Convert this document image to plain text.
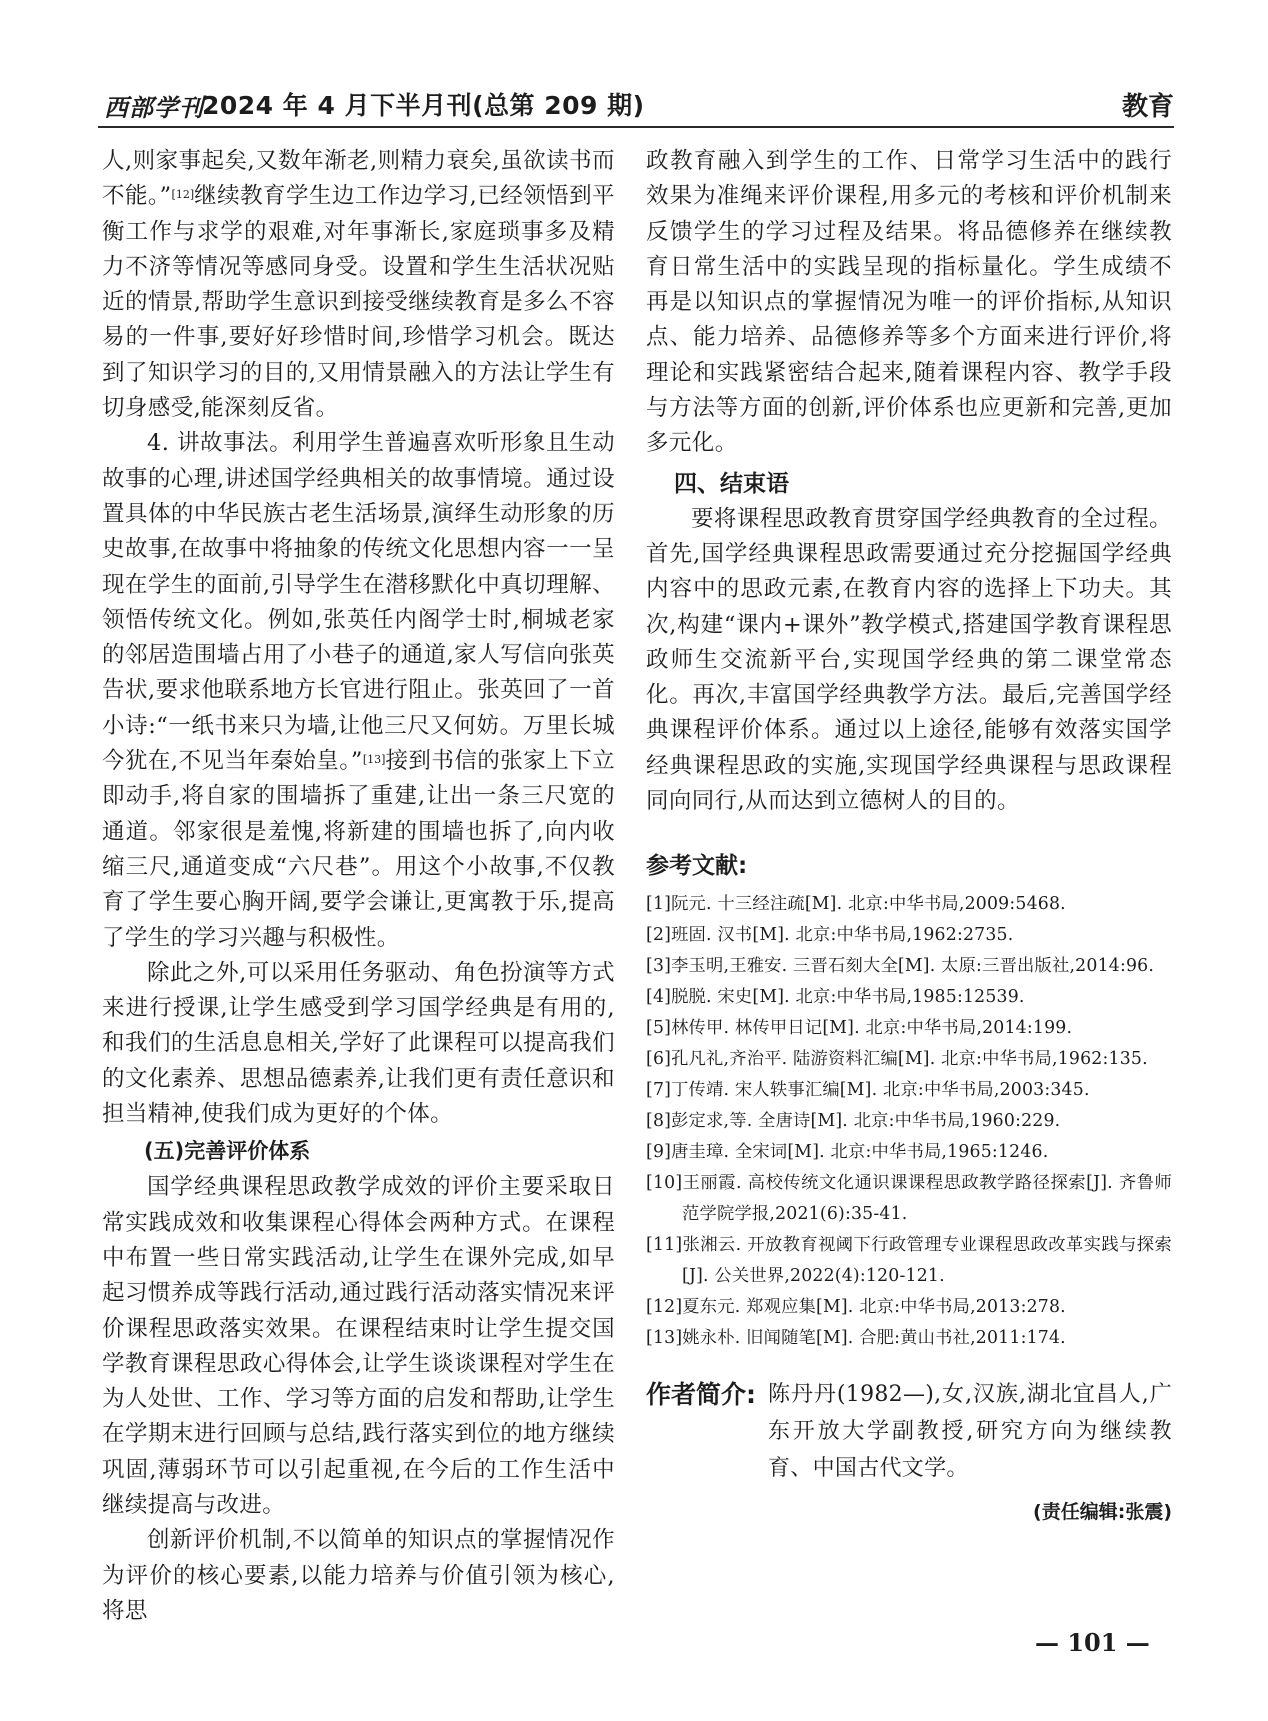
西部学刊
2024 年 4 月下半月刊(总第 209 期)	教育

人,则家事起矣,又数年渐老,则精力衰矣,虽欲读书而不能。”[12]继续教育学生边工作边学习,已经领悟到平衡工作与求学的艰难,对年事渐长,家庭琐事多及精力不济等情况等感同身受。设置和学生生活状况贴近的情景,帮助学生意识到接受继续教育是多么不容易的一件事,要好好珍惜时间,珍惜学习机会。既达到了知识学习的目的,又用情景融入的方法让学生有切身感受,能深刻反省。

4. 讲故事法。利用学生普遍喜欢听形象且生动故事的心理,讲述国学经典相关的故事情境。通过设置具体的中华民族古老生活场景,演绎生动形象的历史故事,在故事中将抽象的传统文化思想内容一一呈现在学生的面前,引导学生在潜移默化中真切理解、领悟传统文化。例如,张英任内阁学士时,桐城老家的邻居造围墙占用了小巷子的通道,家人写信向张英告状,要求他联系地方长官进行阻止。张英回了一首小诗:“一纸书来只为墙,让他三尺又何妨。万里长城今犹在,不见当年秦始皇。”[13]接到书信的张家上下立即动手,将自家的围墙拆了重建,让出一条三尺宽的通道。邻家很是羞愧,将新建的围墙也拆了,向内收缩三尺,通道变成“六尺巷”。用这个小故事,不仅教育了学生要心胸开阔,要学会谦让,更寓教于乐,提高了学生的学习兴趣与积极性。

除此之外,可以采用任务驱动、角色扮演等方式来进行授课,让学生感受到学习国学经典是有用的,和我们的生活息息相关,学好了此课程可以提高我们的文化素养、思想品德素养,让我们更有责任意识和担当精神,使我们成为更好的个体。

(五)完善评价体系

国学经典课程思政教学成效的评价主要采取日常实践成效和收集课程心得体会两种方式。在课程中布置一些日常实践活动,让学生在课外完成,如早起习惯养成等践行活动,通过践行活动落实情况来评价课程思政落实效果。在课程结束时让学生提交国学教育课程思政心得体会,让学生谈谈课程对学生在为人处世、工作、学习等方面的启发和帮助,让学生在学期末进行回顾与总结,践行落实到位的地方继续巩固,薄弱环节可以引起重视,在今后的工作生活中继续提高与改进。

创新评价机制,不以简单的知识点的掌握情况作为评价的核心要素,以能力培养与价值引领为核心,将思

政教育融入到学生的工作、日常学习生活中的践行效果为准绳来评价课程,用多元的考核和评价机制来反馈学生的学习过程及结果。将品德修养在继续教育日常生活中的实践呈现的指标量化。学生成绩不再是以知识点的掌握情况为唯一的评价指标,从知识点、能力培养、品德修养等多个方面来进行评价,将理论和实践紧密结合起来,随着课程内容、教学手段与方法等方面的创新,评价体系也应更新和完善,更加多元化。

四、结束语

要将课程思政教育贯穿国学经典教育的全过程。首先,国学经典课程思政需要通过充分挖掘国学经典内容中的思政元素,在教育内容的选择上下功夫。其次,构建“课内+课外”教学模式,搭建国学教育课程思政师生交流新平台,实现国学经典的第二课堂常态化。再次,丰富国学经典教学方法。最后,完善国学经典课程评价体系。通过以上途径,能够有效落实国学经典课程思政的实施,实现国学经典课程与思政课程同向同行,从而达到立德树人的目的。

参考文献:
[1]阮元. 十三经注疏[M]. 北京:中华书局,2009:5468.
[2]班固. 汉书[M]. 北京:中华书局,1962:2735.
[3]李玉明,王雅安. 三晋石刻大全[M]. 太原:三晋出版社,2014:96.
[4]脱脱. 宋史[M]. 北京:中华书局,1985:12539.
[5]林传甲. 林传甲日记[M]. 北京:中华书局,2014:199.
[6]孔凡礼,齐治平. 陆游资料汇编[M]. 北京:中华书局,1962:135.
[7]丁传靖. 宋人轶事汇编[M]. 北京:中华书局,2003:345.
[8]彭定求,等. 全唐诗[M]. 北京:中华书局,1960:229.
[9]唐圭璋. 全宋词[M]. 北京:中华书局,1965:1246.
[10]王丽霞. 高校传统文化通识课课程思政教学路径探索[J]. 齐鲁师范学院学报,2021(6):35-41.
[11]张湘云. 开放教育视阈下行政管理专业课程思政改革实践与探索[J]. 公关世界,2022(4):120-121.
[12]夏东元. 郑观应集[M]. 北京:中华书局,2013:278.
[13]姚永朴. 旧闻随笔[M]. 合肥:黄山书社,2011:174.
作者简介: 陈丹丹(1982—),女,汉族,湖北宜昌人,广东开放大学副教授,研究方向为继续教育、中国古代文学。
(责任编辑:张震)
— 101 —
